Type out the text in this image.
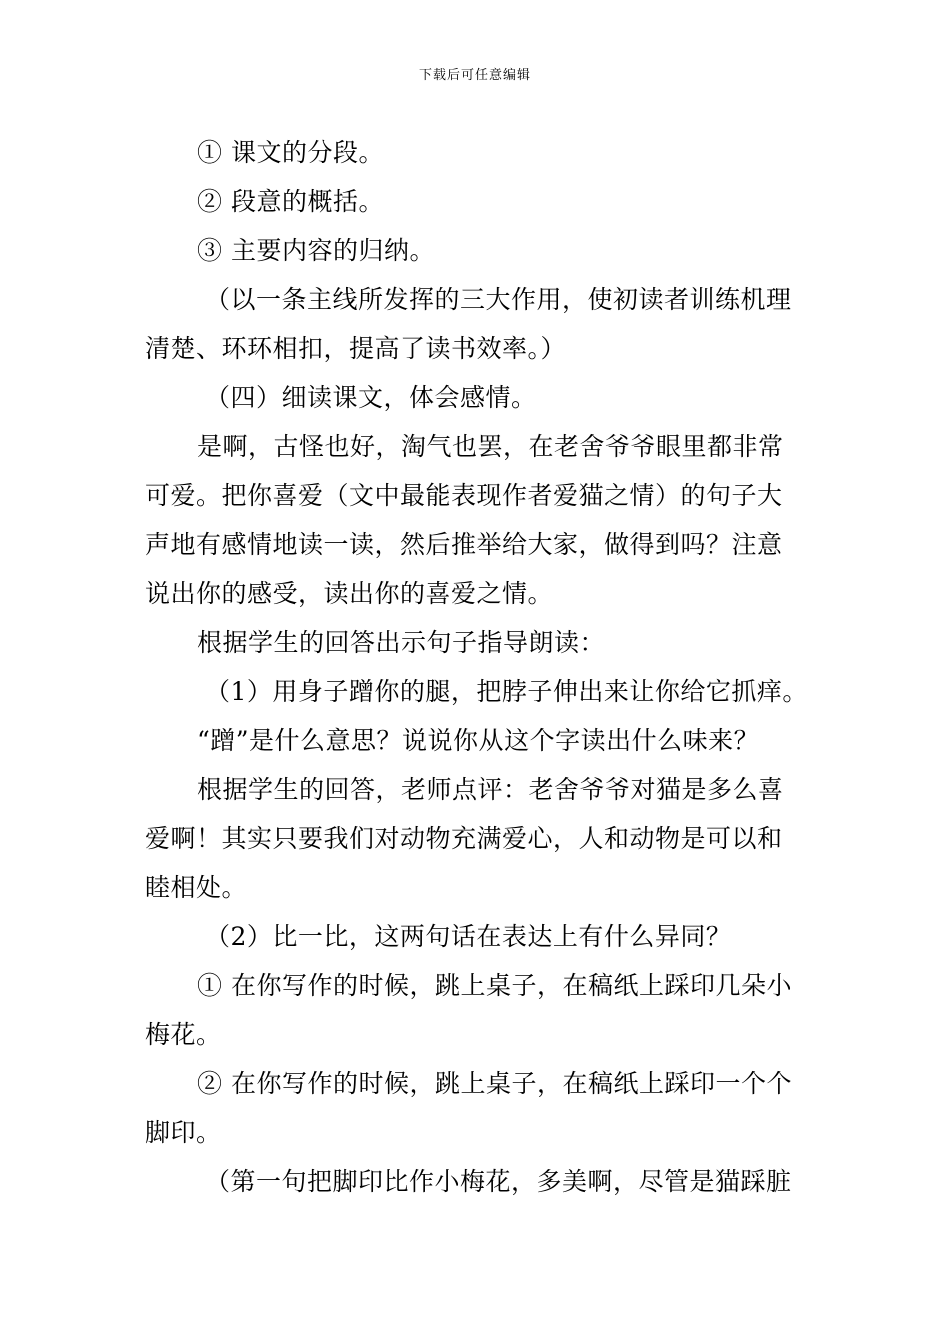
下载后可任意编辑
① 课文的分段。
② 段意的概括。
③ 主要内容的归纳。
（以一条主线所发挥的三大作用，使初读者训练机理
清楚、环环相扣，提高了读书效率。）
（四）细读课文，体会感情。
是啊，古怪也好，淘气也罢，在老舍爷爷眼里都非常
可爱。把你喜爱（文中最能表现作者爱猫之情）的句子大
声地有感情地读一读，然后推举给大家，做得到吗？注意
说出你的感受，读出你的喜爱之情。
根据学生的回答出示句子指导朗读：
（1）用身子蹭你的腿，把脖子伸出来让你给它抓痒。
“蹭”是什么意思？说说你从这个字读出什么味来？
根据学生的回答，老师点评：老舍爷爷对猫是多么喜
爱啊！其实只要我们对动物充满爱心，人和动物是可以和
睦相处。
（2）比一比，这两句话在表达上有什么异同？
① 在你写作的时候，跳上桌子，在稿纸上踩印几朵小
梅花。
② 在你写作的时候，跳上桌子，在稿纸上踩印一个个
脚印。
（第一句把脚印比作小梅花，多美啊，尽管是猫踩脏
